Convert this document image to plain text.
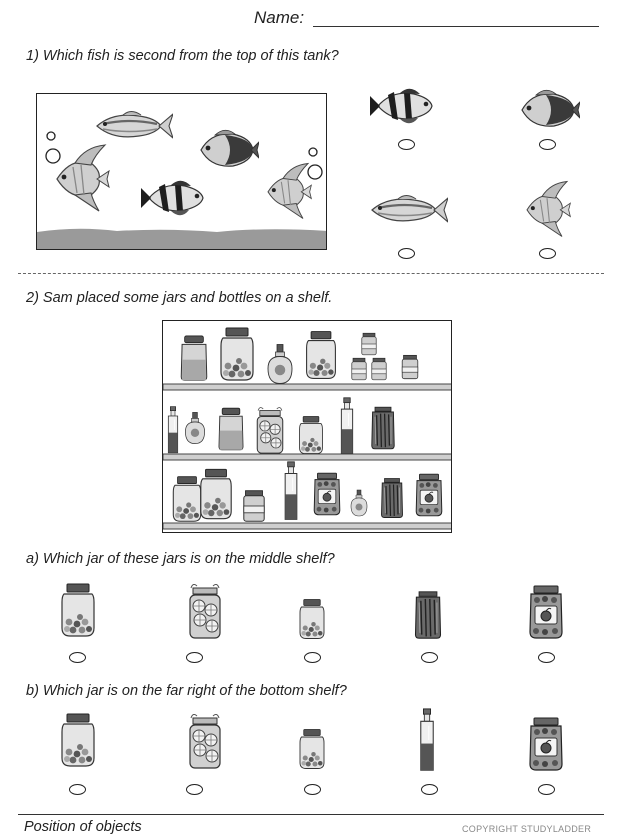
Name:
1) Which fish is second from the top of this tank?
2) Sam placed some jars and bottles on a shelf.
a) Which jar of these jars is on the middle shelf?
b) Which jar is on the far right of the bottom shelf?
Position of objects	COPYRIGHT STUDYLADDER
